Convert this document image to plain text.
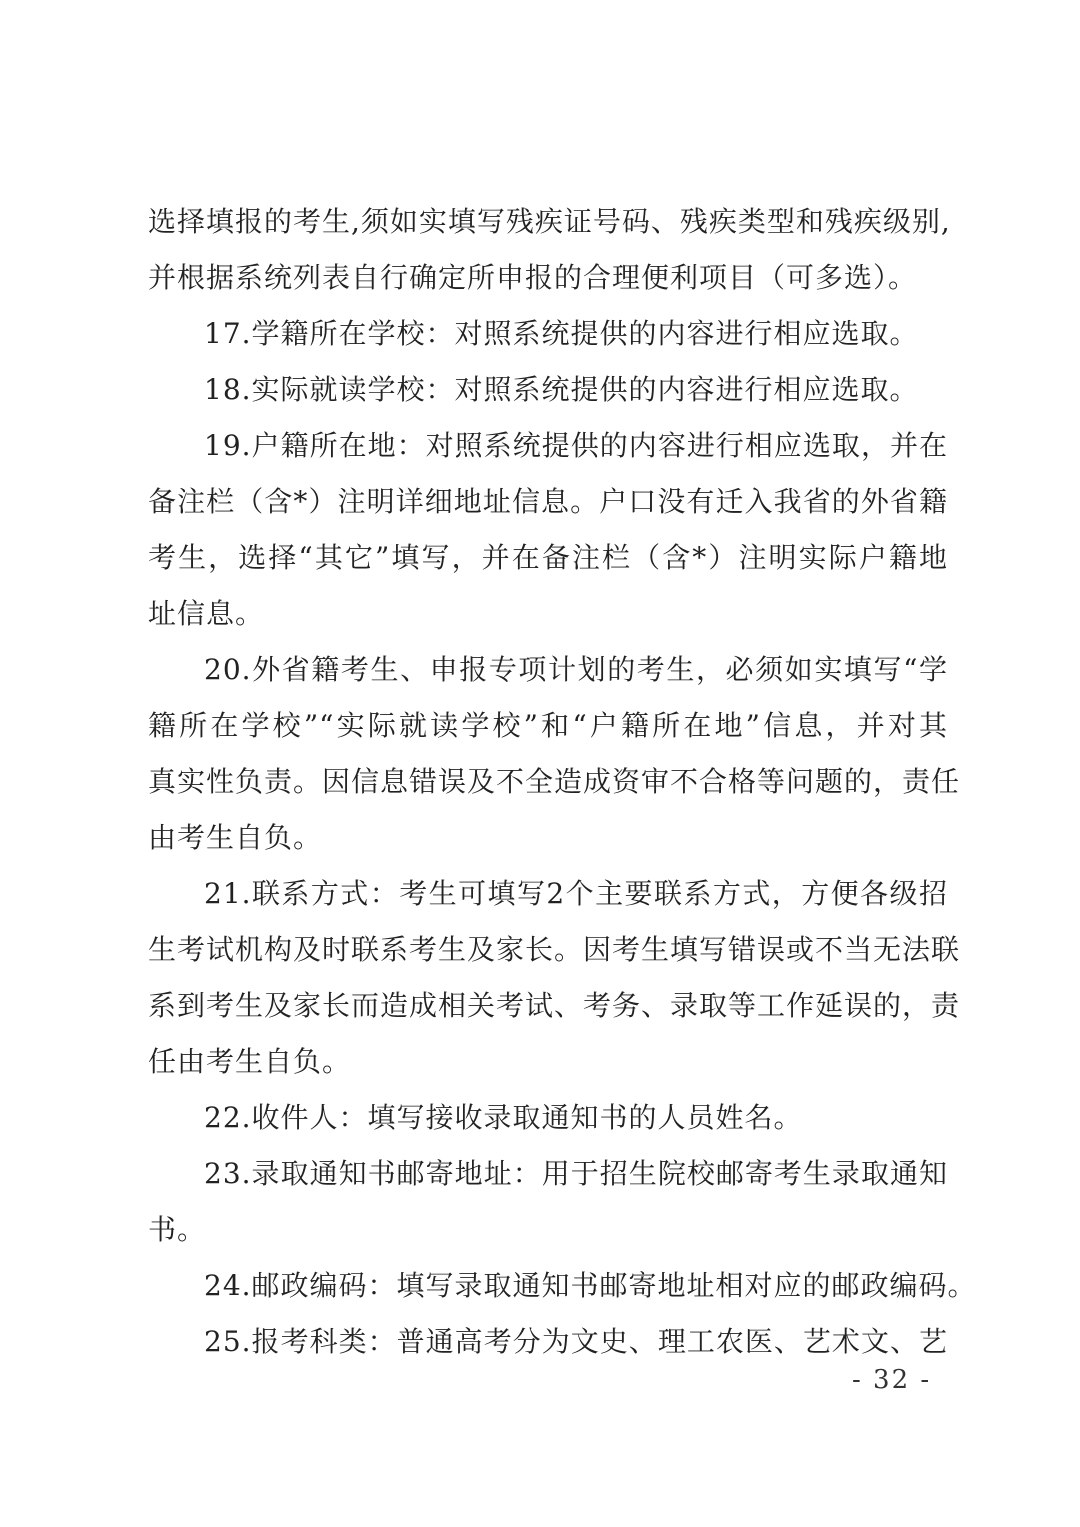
选择填报的考生,须如实填写残疾证号码、残疾类型和残疾级别,
并根据系统列表自行确定所申报的合理便利项目（可多选）。
17.学籍所在学校：对照系统提供的内容进行相应选取。
18.实际就读学校：对照系统提供的内容进行相应选取。
19.户籍所在地：对照系统提供的内容进行相应选取，并在
备注栏（含*）注明详细地址信息。户口没有迁入我省的外省籍
考生，选择“其它”填写，并在备注栏（含*）注明实际户籍地
址信息。
20.外省籍考生、申报专项计划的考生，必须如实填写“学
籍所在学校”“实际就读学校”和“户籍所在地”信息，并对其
真实性负责。因信息错误及不全造成资审不合格等问题的，责任
由考生自负。
21.联系方式：考生可填写2个主要联系方式，方便各级招
生考试机构及时联系考生及家长。因考生填写错误或不当无法联
系到考生及家长而造成相关考试、考务、录取等工作延误的，责
任由考生自负。
22.收件人：填写接收录取通知书的人员姓名。
23.录取通知书邮寄地址：用于招生院校邮寄考生录取通知
书。
24.邮政编码：填写录取通知书邮寄地址相对应的邮政编码。
25.报考科类：普通高考分为文史、理工农医、艺术文、艺
- 32 -
